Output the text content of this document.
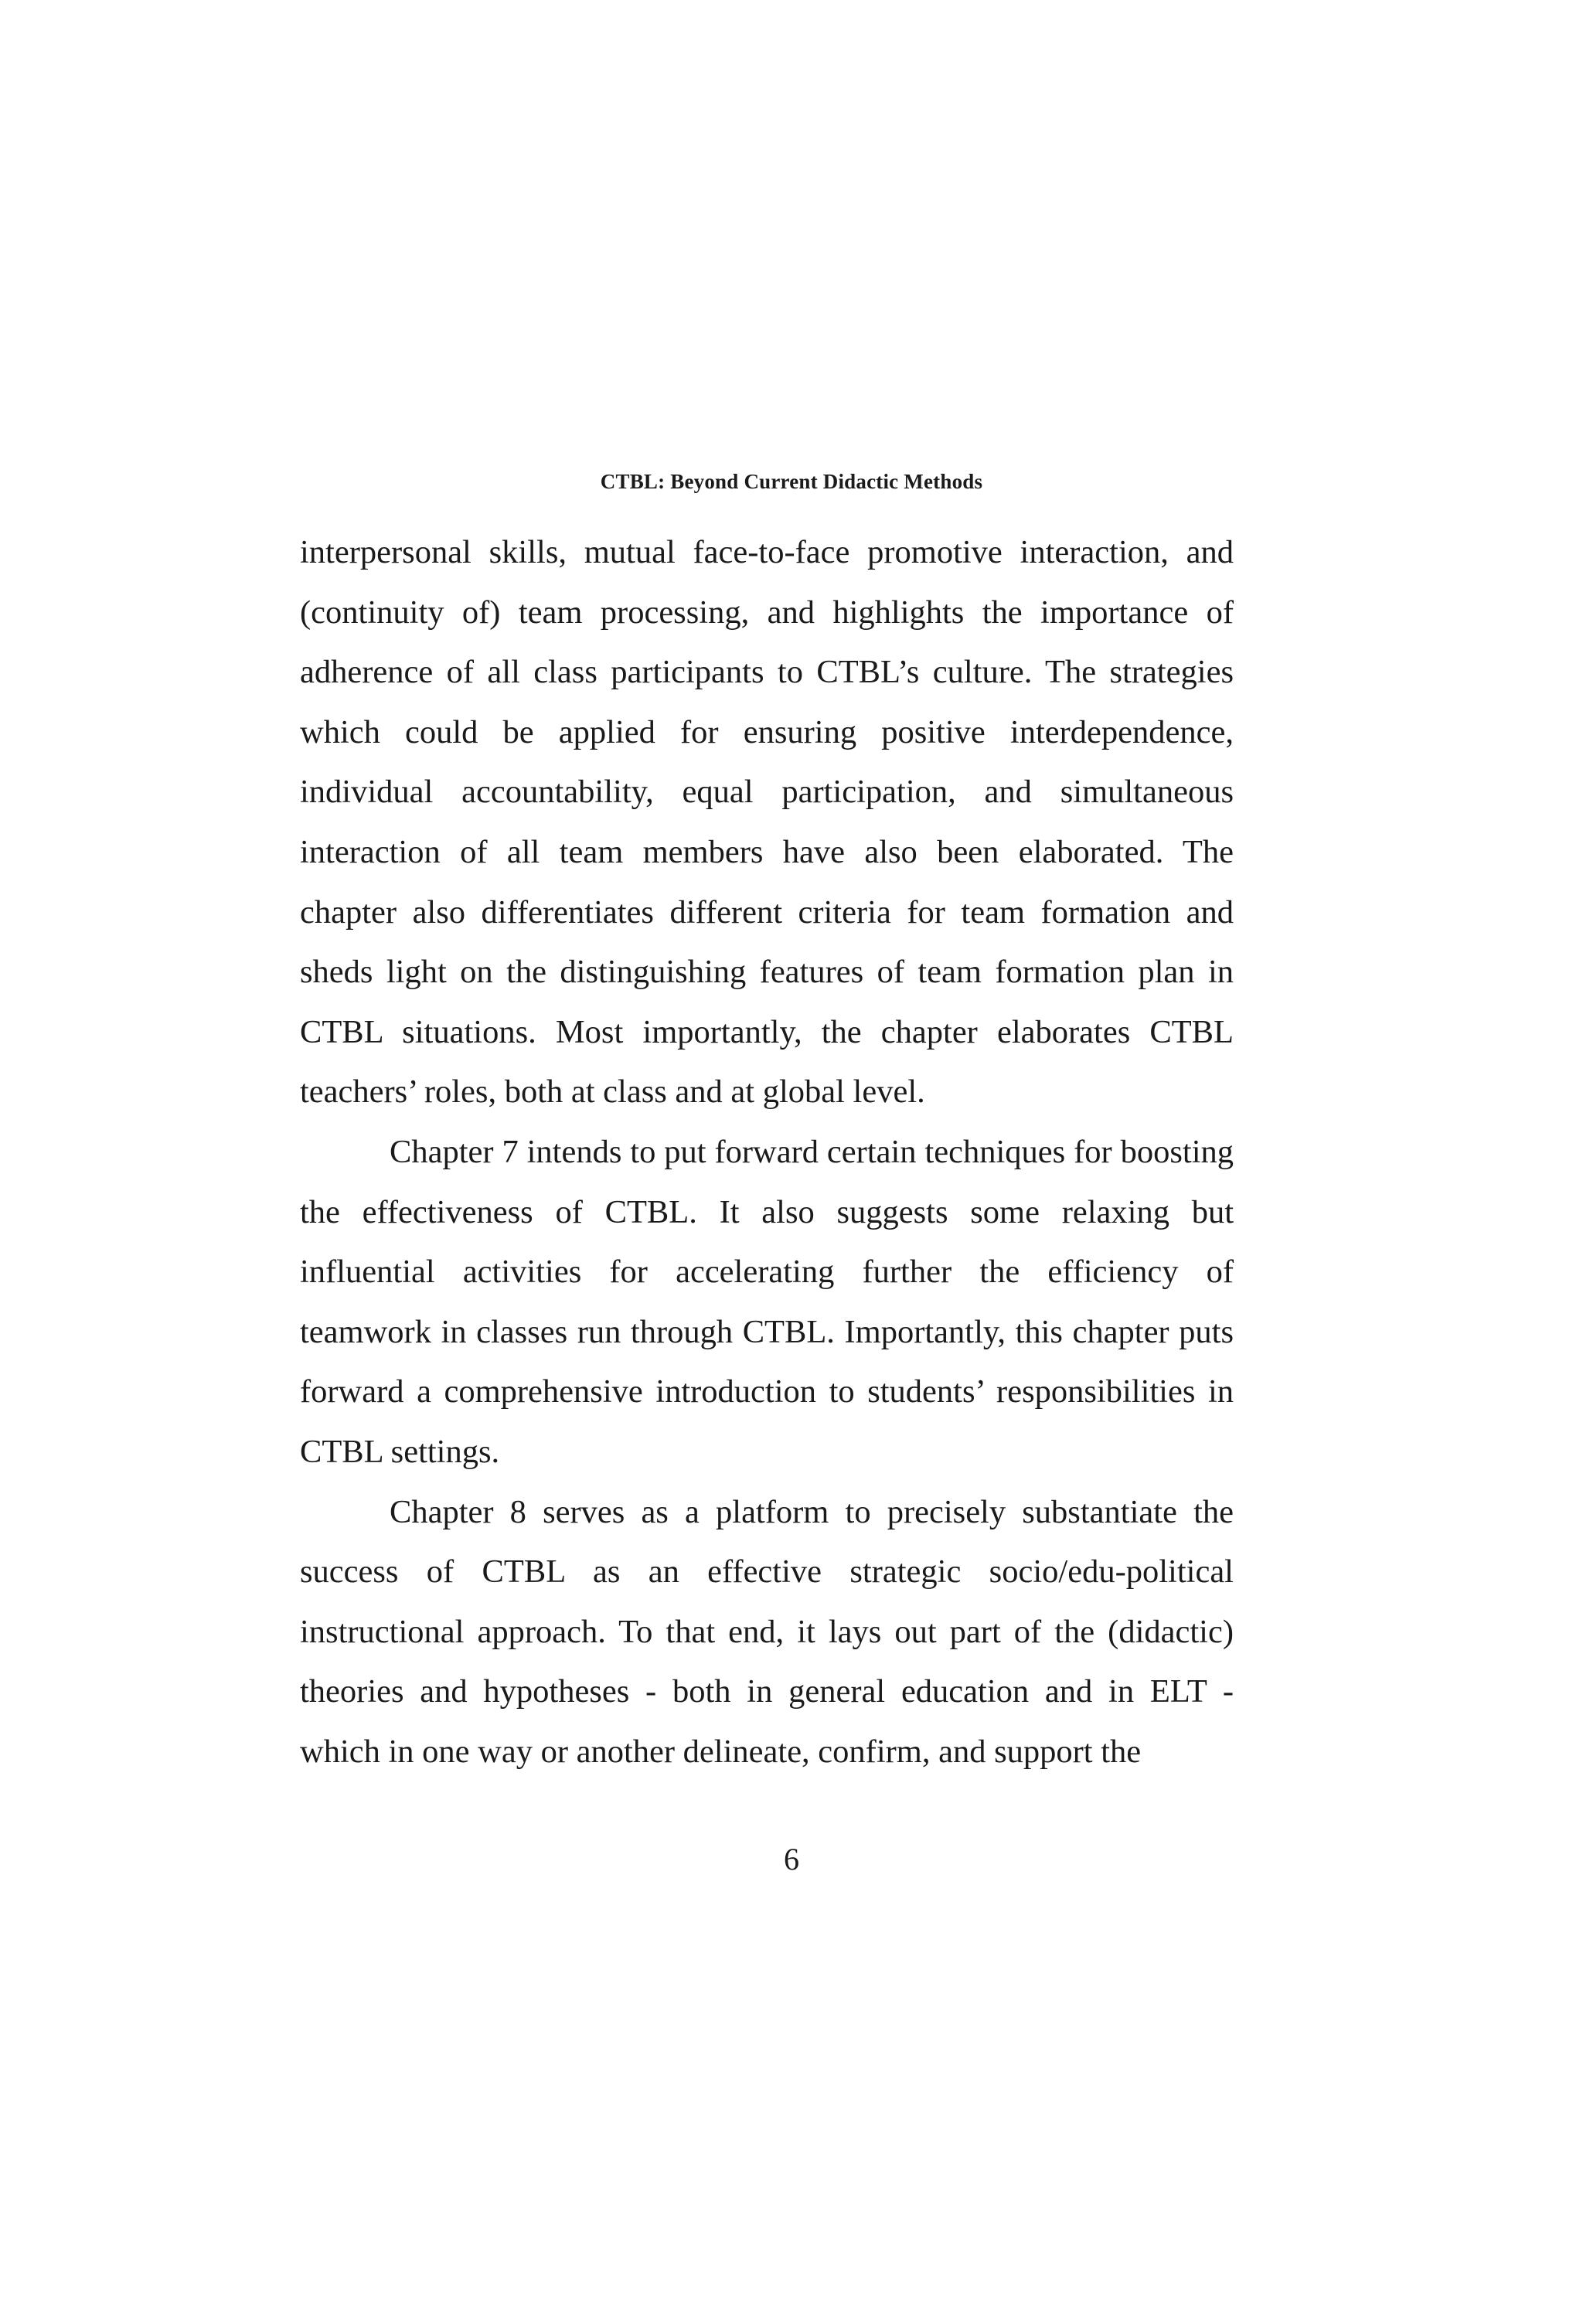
CTBL: Beyond Current Didactic Methods

interpersonal skills, mutual face-to-face promotive interaction, and (continuity of) team processing, and highlights the importance of adherence of all class participants to CTBL’s culture. The strategies which could be applied for ensuring positive interdependence, individual accountability, equal participation, and simultaneous interaction of all team members have also been elaborated. The chapter also differentiates different criteria for team formation and sheds light on the distinguishing features of team formation plan in CTBL situations. Most importantly, the chapter elaborates CTBL teachers’ roles, both at class and at global level.

Chapter 7 intends to put forward certain techniques for boosting the effectiveness of CTBL. It also suggests some relaxing but influential activities for accelerating further the efficiency of teamwork in classes run through CTBL. Importantly, this chapter puts forward a comprehensive introduction to students’ responsibilities in CTBL settings.

Chapter 8 serves as a platform to precisely substantiate the success of CTBL as an effective strategic socio/edu-political instructional approach. To that end, it lays out part of the (didactic) theories and hypotheses - both in general education and in ELT - which in one way or another delineate, confirm, and support the

6
